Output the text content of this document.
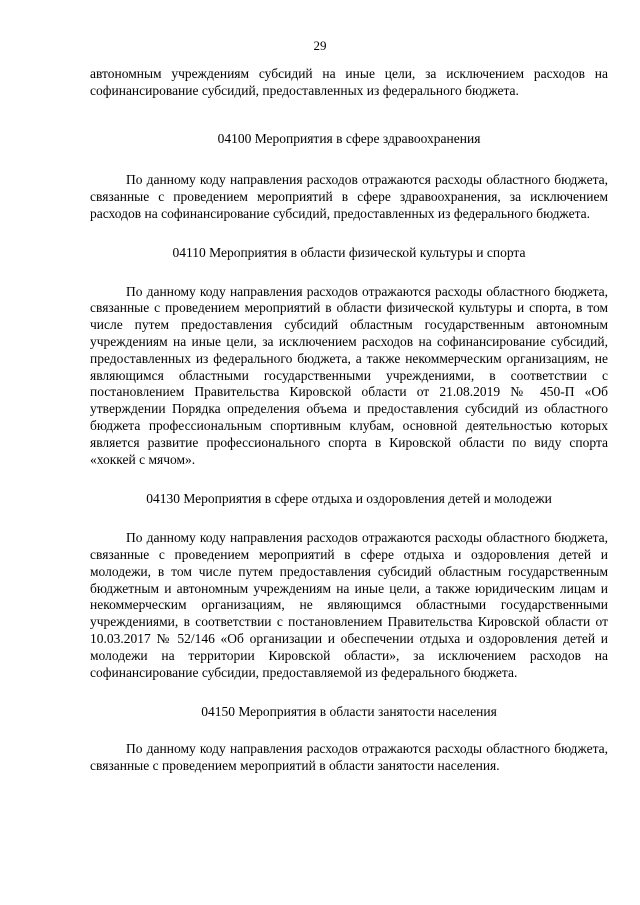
29

автономным учреждениям субсидий на иные цели, за исключением расходов на софинансирование субсидий, предоставленных из федерального бюджета.

04100 Мероприятия в сфере здравоохранения

По данному коду направления расходов отражаются расходы областного бюджета, связанные с проведением мероприятий в сфере здравоохранения, за исключением расходов на софинансирование субсидий, предоставленных из федерального бюджета.

04110 Мероприятия в области физической культуры и спорта

По данному коду направления расходов отражаются расходы областного бюджета, связанные с проведением мероприятий в области физической культуры и спорта, в том числе путем предоставления субсидий областным государственным автономным учреждениям на иные цели, за исключением расходов на софинансирование субсидий, предоставленных из федерального бюджета, а также некоммерческим организациям, не являющимся областными государственными учреждениями, в соответствии с постановлением Правительства Кировской области от 21.08.2019 № 450-П «Об утверждении Порядка определения объема и предоставления субсидий из областного бюджета профессиональным спортивным клубам, основной деятельностью которых является развитие профессионального спорта в Кировской области по виду спорта «хоккей с мячом».

04130 Мероприятия в сфере отдыха и оздоровления детей и молодежи

По данному коду направления расходов отражаются расходы областного бюджета, связанные с проведением мероприятий в сфере отдыха и оздоровления детей и молодежи, в том числе путем предоставления субсидий областным государственным бюджетным и автономным учреждениям на иные цели, а также юридическим лицам и некоммерческим организациям, не являющимся областными государственными учреждениями, в соответствии с постановлением Правительства Кировской области от 10.03.2017 № 52/146 «Об организации и обеспечении отдыха и оздоровления детей и молодежи на территории Кировской области», за исключением расходов на софинансирование субсидии, предоставляемой из федерального бюджета.

04150 Мероприятия в области занятости населения

По данному коду направления расходов отражаются расходы областного бюджета, связанные с проведением мероприятий в области занятости населения.
